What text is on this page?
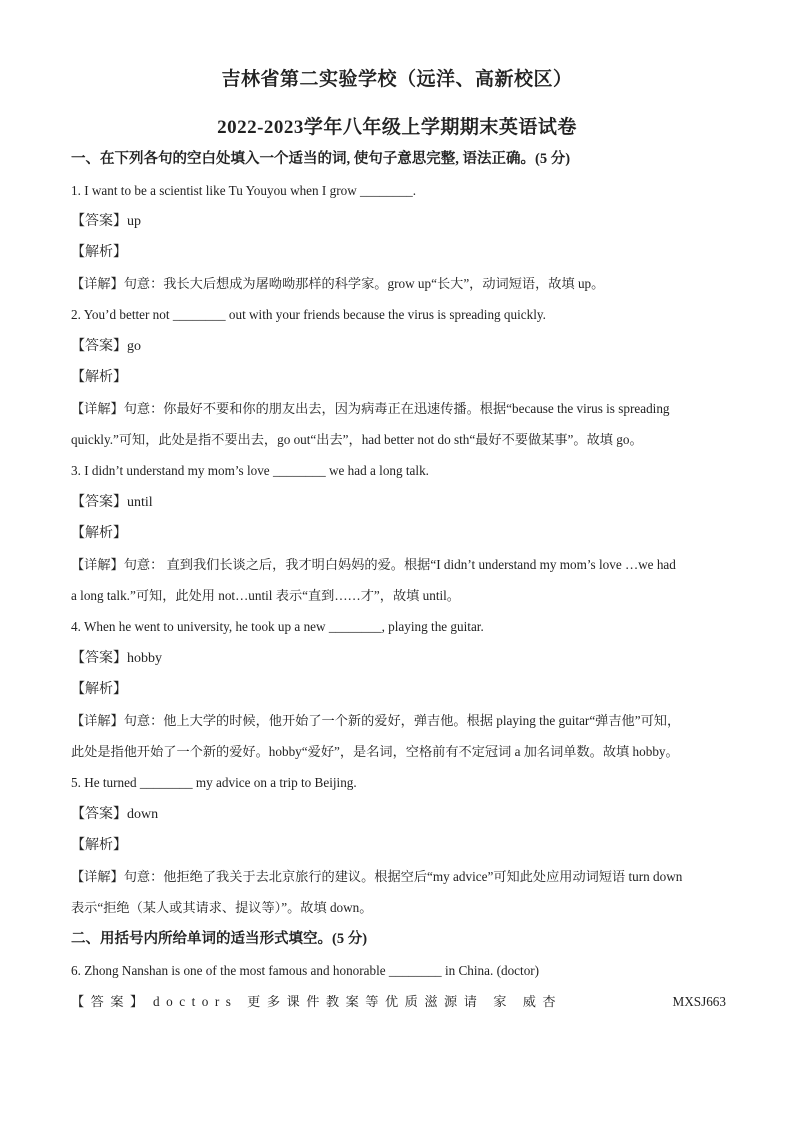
吉林省第二实验学校（远洋、高新校区）
2022-2023学年八年级上学期期末英语试卷
一、在下列各句的空白处填入一个适当的词, 使句子意思完整, 语法正确。(5 分)
1. I want to be a scientist like Tu Youyou when I grow ________.
【答案】up
【解析】
【详解】句意：我长大后想成为屠呦呦那样的科学家。grow up“长大”，动词短语，故填 up。
2. You’d better not ________ out with your friends because the virus is spreading quickly.
【答案】go
【解析】
【详解】句意：你最好不要和你的朋友出去，因为病毒正在迅速传播。根据“because the virus is spreading
quickly.”可知，此处是指不要出去，go out“出去”，had better not do sth“最好不要做某事”。故填 go。
3. I didn’t understand my mom’s love ________ we had a long talk.
【答案】until
【解析】
【详解】句意： 直到我们长谈之后，我才明白妈妈的爱。根据“I didn’t understand my mom’s love …we had
a long talk.”可知，此处用 not…until 表示“直到……才”，故填 until。
4. When he went to university, he took up a new ________, playing the guitar.
【答案】hobby
【解析】
【详解】句意：他上大学的时候，他开始了一个新的爱好，弹吉他。根据 playing the guitar“弹吉他”可知，
此处是指他开始了一个新的爱好。hobby“爱好”，是名词，空格前有不定冠词 a 加名词单数。故填 hobby。
5. He turned ________ my advice on a trip to Beijing.
【答案】down
【解析】
【详解】句意：他拒绝了我关于去北京旅行的建议。根据空后“my advice”可知此处应用动词短语 turn down
表示“拒绝（某人或其请求、提议等）”。故填 down。
二、用括号内所给单词的适当形式填空。(5 分)
6. Zhong Nanshan is one of the most famous and honorable ________ in China. (doctor)
【答案】 doctors 更多课件教案等优质滋源请 家 威杏	MXSJ663
